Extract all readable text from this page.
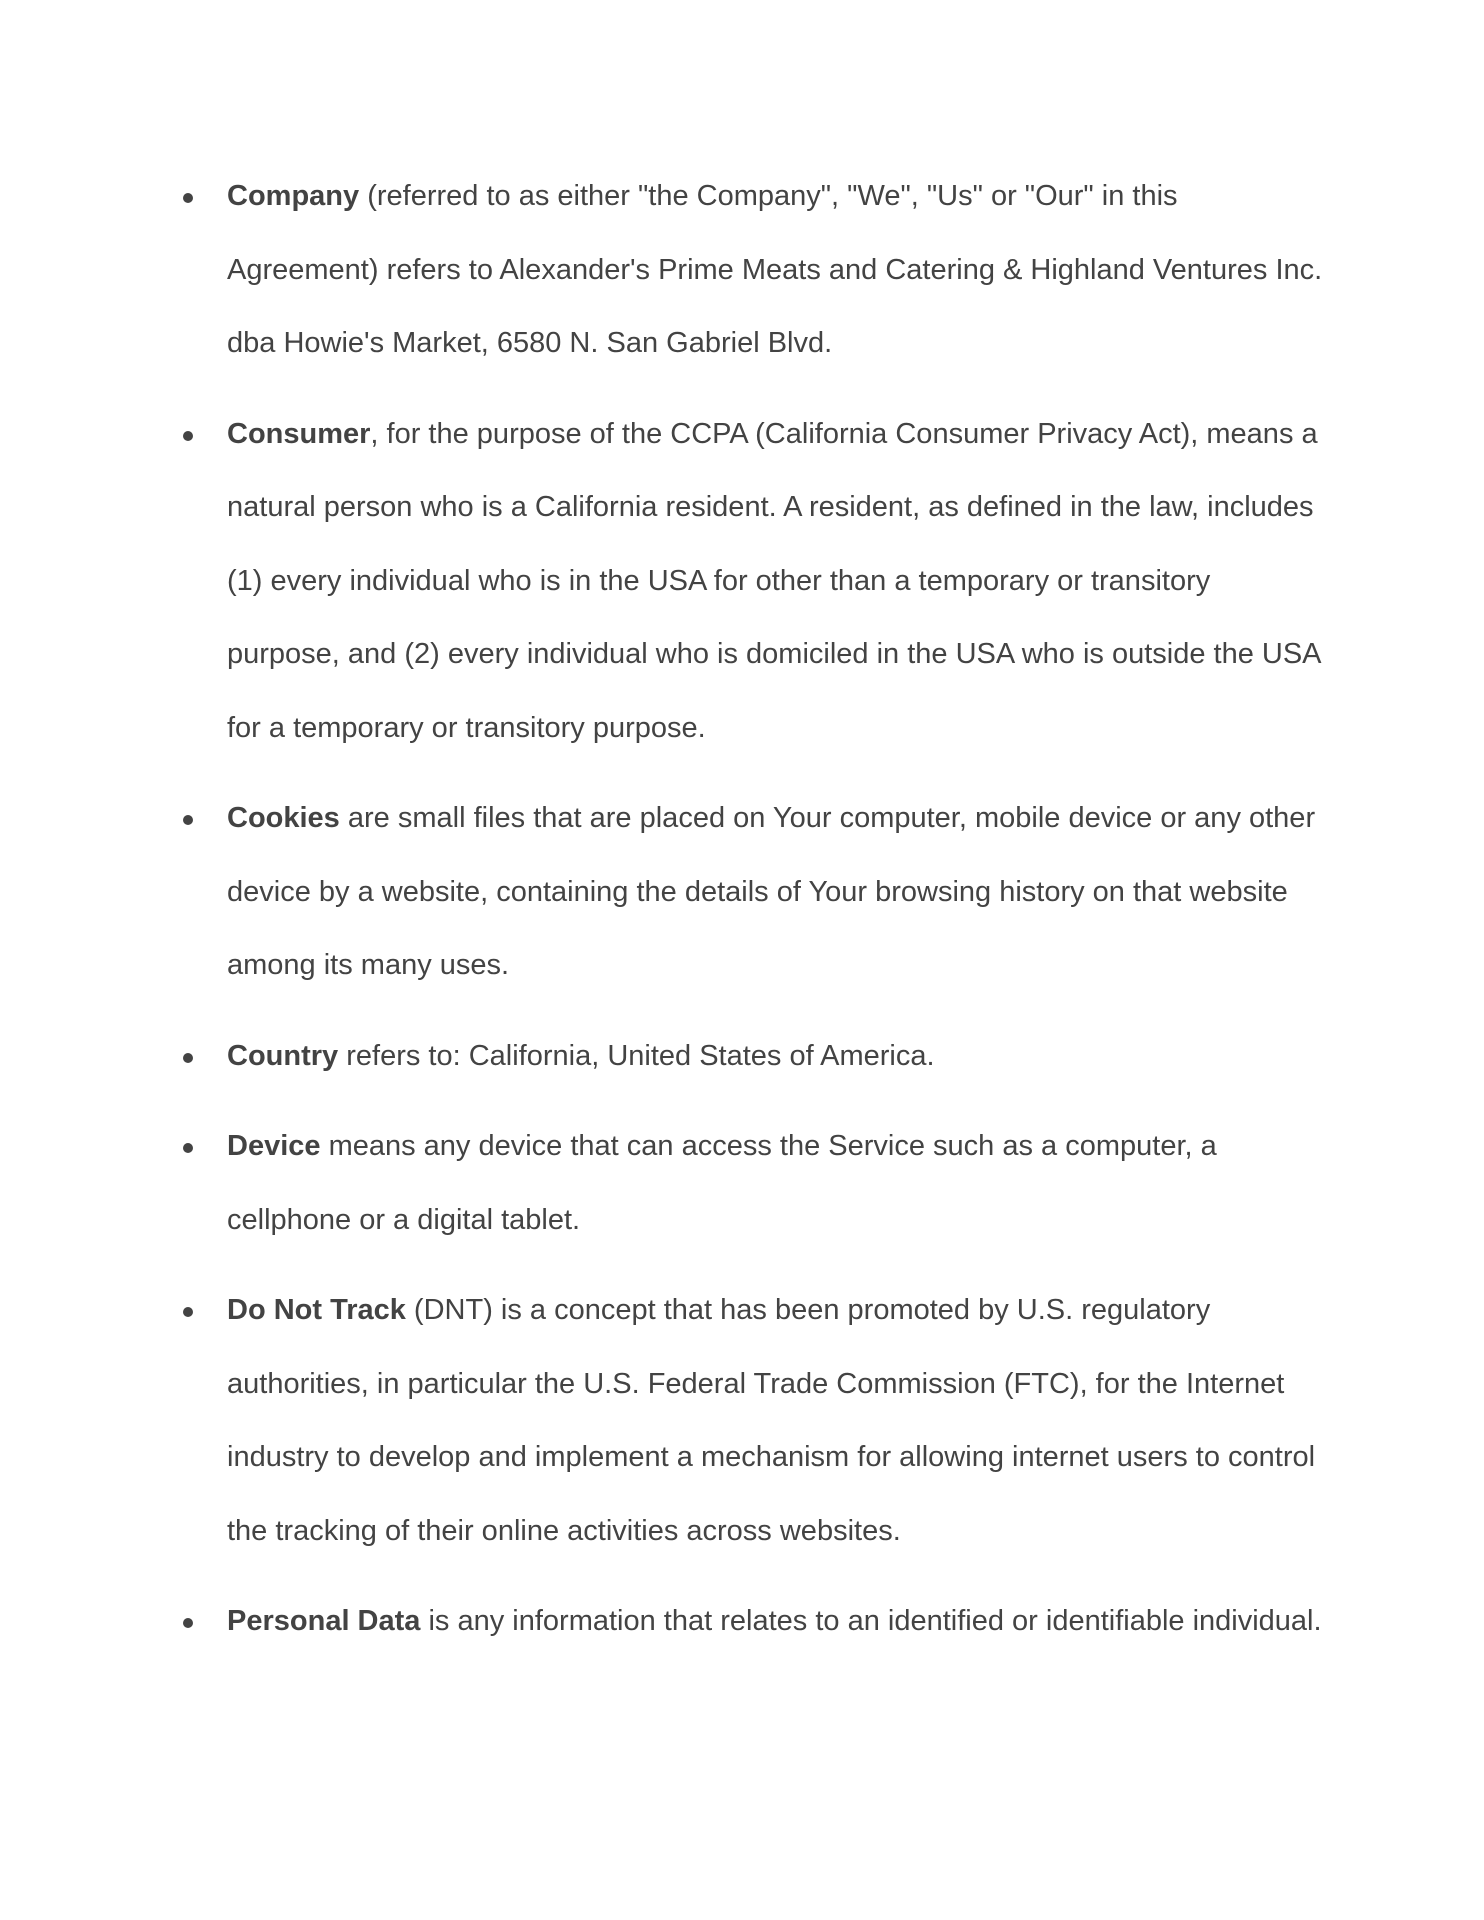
Company (referred to as either "the Company", "We", "Us" or "Our" in this Agreement) refers to Alexander's Prime Meats and Catering & Highland Ventures Inc. dba Howie's Market, 6580 N. San Gabriel Blvd.
Consumer, for the purpose of the CCPA (California Consumer Privacy Act), means a natural person who is a California resident. A resident, as defined in the law, includes (1) every individual who is in the USA for other than a temporary or transitory purpose, and (2) every individual who is domiciled in the USA who is outside the USA for a temporary or transitory purpose.
Cookies are small files that are placed on Your computer, mobile device or any other device by a website, containing the details of Your browsing history on that website among its many uses.
Country refers to: California, United States of America.
Device means any device that can access the Service such as a computer, a cellphone or a digital tablet.
Do Not Track (DNT) is a concept that has been promoted by U.S. regulatory authorities, in particular the U.S. Federal Trade Commission (FTC), for the Internet industry to develop and implement a mechanism for allowing internet users to control the tracking of their online activities across websites.
Personal Data is any information that relates to an identified or identifiable individual.
